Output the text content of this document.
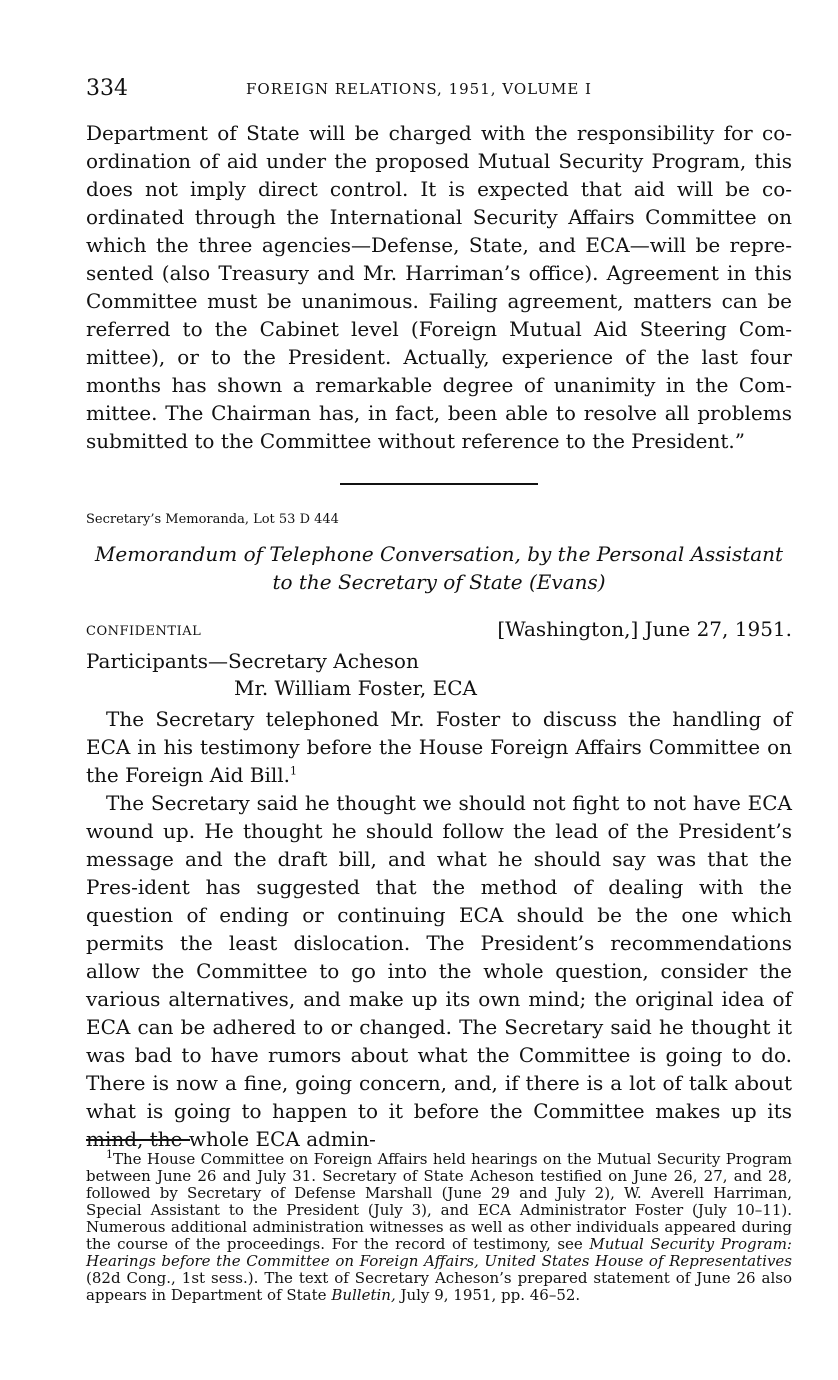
334	FOREIGN RELATIONS, 1951, VOLUME I

Department of State will be charged with the responsibility for co-ordination of aid under the proposed Mutual Security Program, this does not imply direct control. It is expected that aid will be co-ordinated through the International Security Affairs Committee on which the three agencies—Defense, State, and ECA—will be repre-sented (also Treasury and Mr. Harriman’s office). Agreement in this Committee must be unanimous. Failing agreement, matters can be referred to the Cabinet level (Foreign Mutual Aid Steering Com-mittee), or to the President. Actually, experience of the last four months has shown a remarkable degree of unanimity in the Com-mittee. The Chairman has, in fact, been able to resolve all problems submitted to the Committee without reference to the President.”

Secretary’s Memoranda, Lot 53 D 444

Memorandum of Telephone Conversation, by the Personal Assistant to the Secretary of State (Evans)

CONFIDENTIAL	[Washington,] June 27, 1951.
Participants—Secretary Acheson
Mr. William Foster, ECA

The Secretary telephoned Mr. Foster to discuss the handling of ECA in his testimony before the House Foreign Affairs Committee on the Foreign Aid Bill.$^1$

The Secretary said he thought we should not fight to not have ECA wound up. He thought he should follow the lead of the President’s message and the draft bill, and what he should say was that the Pres-ident has suggested that the method of dealing with the question of ending or continuing ECA should be the one which permits the least dislocation. The President’s recommendations allow the Committee to go into the whole question, consider the various alternatives, and make up its own mind; the original idea of ECA can be adhered to or changed. The Secretary said he thought it was bad to have rumors about what the Committee is going to do. There is now a fine, going concern, and, if there is a lot of talk about what is going to happen to it before the Committee makes up its mind, the whole ECA admin-

$^1$The House Committee on Foreign Affairs held hearings on the Mutual Security Program between June 26 and July 31. Secretary of State Acheson testified on June 26, 27, and 28, followed by Secretary of Defense Marshall (June 29 and July 2), W. Averell Harriman, Special Assistant to the President (July 3), and ECA Administrator Foster (July 10–11). Numerous additional administration witnesses as well as other individuals appeared during the course of the proceedings. For the record of testimony, see Mutual Security Program: Hearings before the Committee on Foreign Affairs, United States House of Representatives (82d Cong., 1st sess.). The text of Secretary Acheson’s prepared statement of June 26 also appears in Department of State Bulletin, July 9, 1951, pp. 46–52.
